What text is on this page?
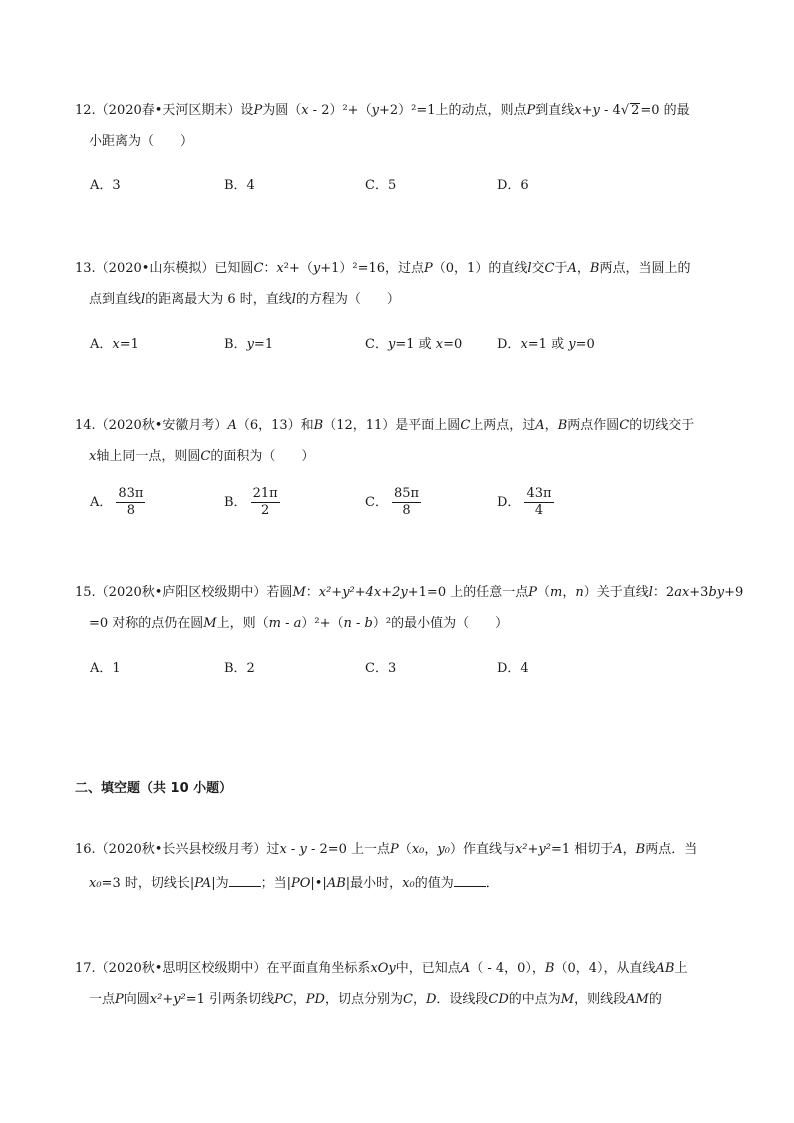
12.（2020春•天河区期末）设P为圆（x - 2）²+（y+2）²=1上的动点，则点P到直线x+y - 4√ 2=0 的最
小距离为（　　）
A．3	B．4	C．5	D．6
13.（2020•山东模拟）已知圆C：x²+（y+1）²=16，过点P（0，1）的直线l交C于A，B两点，当圆上的
点到直线l的距离最大为 6 时，直线l的方程为（　　）
A．x=1	B．y=1	C．y=1 或 x=0	D．x=1 或 y=0
14.（2020秋•安徽月考）A（6，13）和B（12，11）是平面上圆C上两点，过A，B两点作圆C的切线交于
x轴上同一点，则圆C的面积为（　　）
A． $\frac{83\pi}{8}$	B． $\frac{21\pi}{2}$	C． $\frac{85\pi}{8}$	D． $\frac{43\pi}{4}$
15.（2020秋•庐阳区校级期中）若圆M：x²+y²+4x+2y+1=0 上的任意一点P（m，n）关于直线l：2ax+3by+9
=0 对称的点仍在圆M上，则（m - a）²+（n - b）²的最小值为（　　）
A．1	B．2	C．3	D．4
二、填空题（共 10 小题）
16.（2020秋•长兴县校级月考）过x - y - 2=0 上一点P（x₀，y₀）作直线与x²+y²=1 相切于A，B两点．当
x₀=3 时，切线长|PA|为 ；当|PO|•|AB|最小时，x₀的值为 ．
17.（2020秋•思明区校级期中）在平面直角坐标系xOy中，已知点A（ - 4，0），B（0，4），从直线AB上
一点P向圆x²+y²=1 引两条切线PC，PD，切点分别为C，D．设线段CD的中点为M，则线段AM的
